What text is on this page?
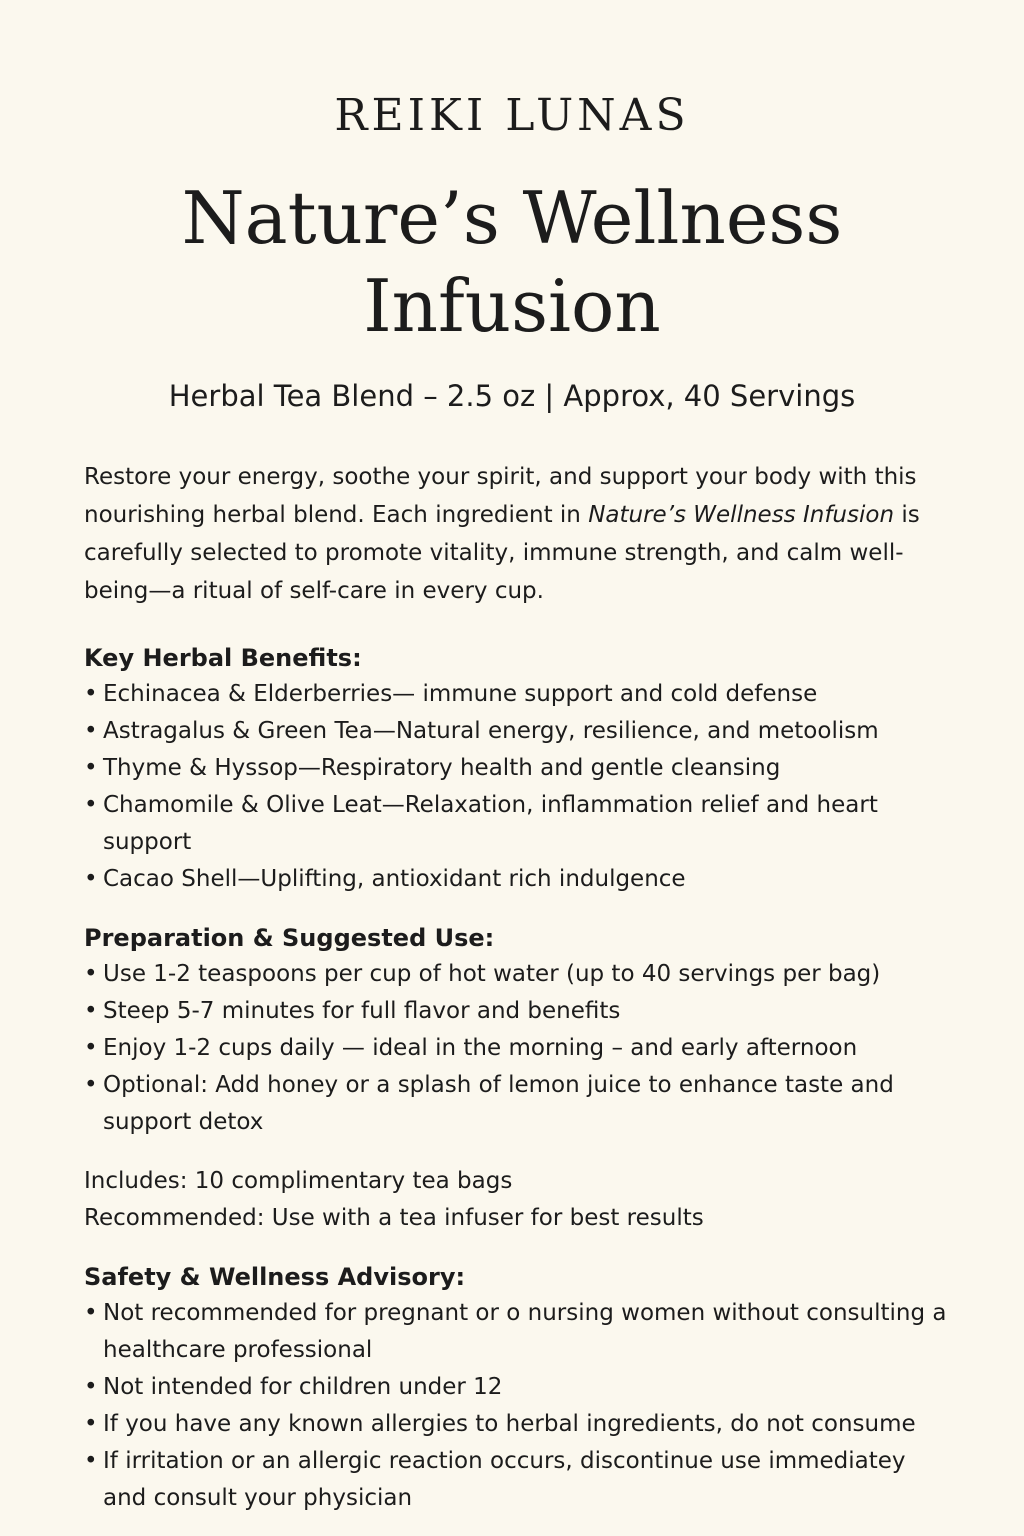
REIKI LUNAS
Nature’s Wellness
Infusion
Herbal Tea Blend – 2.5 oz | Approx, 40 Servings

Restore your energy, soothe your spirit, and support your body with this nourishing herbal blend. Each ingredient in Nature’s Wellness Infusion is carefully selected to promote vitality, immune strength, and calm well-being—a ritual of self-care in every cup.

Key Herbal Benefits:
• Echinacea & Elderberries— immune support and cold defense
• Astragalus & Green Tea—Natural energy, resilience, and metoolism
• Thyme & Hyssop—Respiratory health and gentle cleansing
• Chamomile & Olive Leat—Relaxation, inflammation relief and heart support
• Cacao Shell—Uplifting, antioxidant rich indulgence
Preparation & Suggested Use:
• Use 1-2 teaspoons per cup of hot water (up to 40 servings per bag)
• Steep 5-7 minutes for full flavor and benefits
• Enjoy 1-2 cups daily — ideal in the morning – and early afternoon
• Optional: Add honey or a splash of lemon juice to enhance taste and support detox

Includes: 10 complimentary tea bags

Recommended: Use with a tea infuser for best results

Safety & Wellness Advisory:
• Not recommended for pregnant or o nursing women without consulting a healthcare professional
• Not intended for children under 12
• If you have any known allergies to herbal ingredients, do not consume
• If irritation or an allergic reaction occurs, discontinue use immediatey and consult your physician
